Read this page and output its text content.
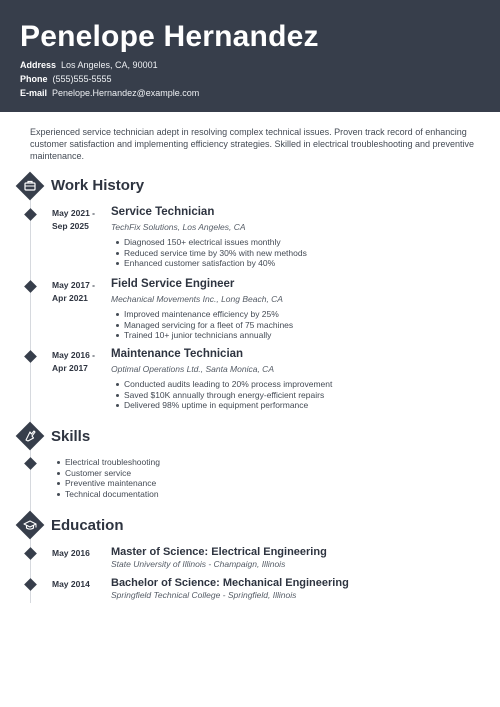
Penelope Hernandez
Address Los Angeles, CA, 90001
Phone (555)555-5555
E-mail Penelope.Hernandez@example.com
Experienced service technician adept in resolving complex technical issues. Proven track record of enhancing customer satisfaction and implementing efficiency strategies. Skilled in electrical troubleshooting and preventive maintenance.
Work History
May 2021 -
Sep 2025
Service Technician
TechFix Solutions, Los Angeles, CA
Diagnosed 150+ electrical issues monthly
Reduced service time by 30% with new methods
Enhanced customer satisfaction by 40%
May 2017 -
Apr 2021
Field Service Engineer
Mechanical Movements Inc., Long Beach, CA
Improved maintenance efficiency by 25%
Managed servicing for a fleet of 75 machines
Trained 10+ junior technicians annually
May 2016 -
Apr 2017
Maintenance Technician
Optimal Operations Ltd., Santa Monica, CA
Conducted audits leading to 20% process improvement
Saved $10K annually through energy-efficient repairs
Delivered 98% uptime in equipment performance
Skills
Electrical troubleshooting
Customer service
Preventive maintenance
Technical documentation
Education
May 2016 Master of Science: Electrical Engineering
State University of Illinois - Champaign, Illinois
May 2014 Bachelor of Science: Mechanical Engineering
Springfield Technical College - Springfield, Illinois
